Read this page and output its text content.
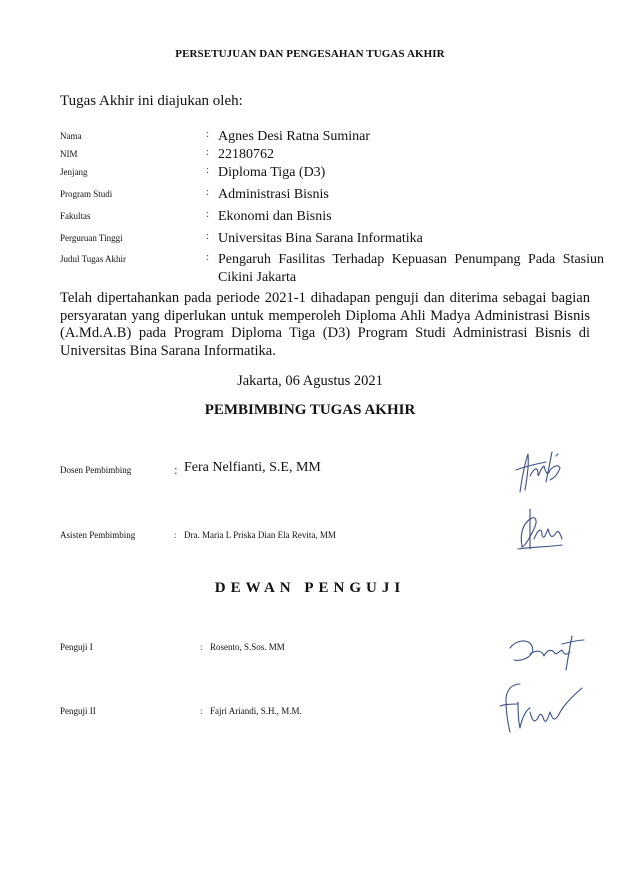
PERSETUJUAN DAN PENGESAHAN TUGAS AKHIR
Tugas Akhir ini diajukan oleh:
Nama	: Agnes Desi Ratna Suminar
NIM	: 22180762
Jenjang	: Diploma Tiga (D3)
Program Studi	: Administrasi Bisnis
Fakultas	: Ekonomi dan Bisnis
Perguruan Tinggi	: Universitas Bina Sarana Informatika
Judul Tugas Akhir	: Pengaruh Fasilitas Terhadap Kepuasan Penumpang Pada Stasiun Cikini Jakarta
Telah dipertahankan pada periode 2021-1 dihadapan penguji dan diterima sebagai bagian persyaratan yang diperlukan untuk memperoleh Diploma Ahli Madya Administrasi Bisnis (A.Md.A.B) pada Program Diploma Tiga (D3) Program Studi Administrasi Bisnis di Universitas Bina Sarana Informatika.
Jakarta, 06 Agustus 2021
PEMBIMBING TUGAS AKHIR
Dosen Pembimbing	: Fera Nelfianti, S.E, MM
Asisten Pembimbing	: Dra. Maria L Priska Dian Ela Revita, MM
DEWAN PENGUJI
Penguji I	: Rosento, S.Sos. MM
Penguji II	: Fajri Ariandi, S.H., M.M.
